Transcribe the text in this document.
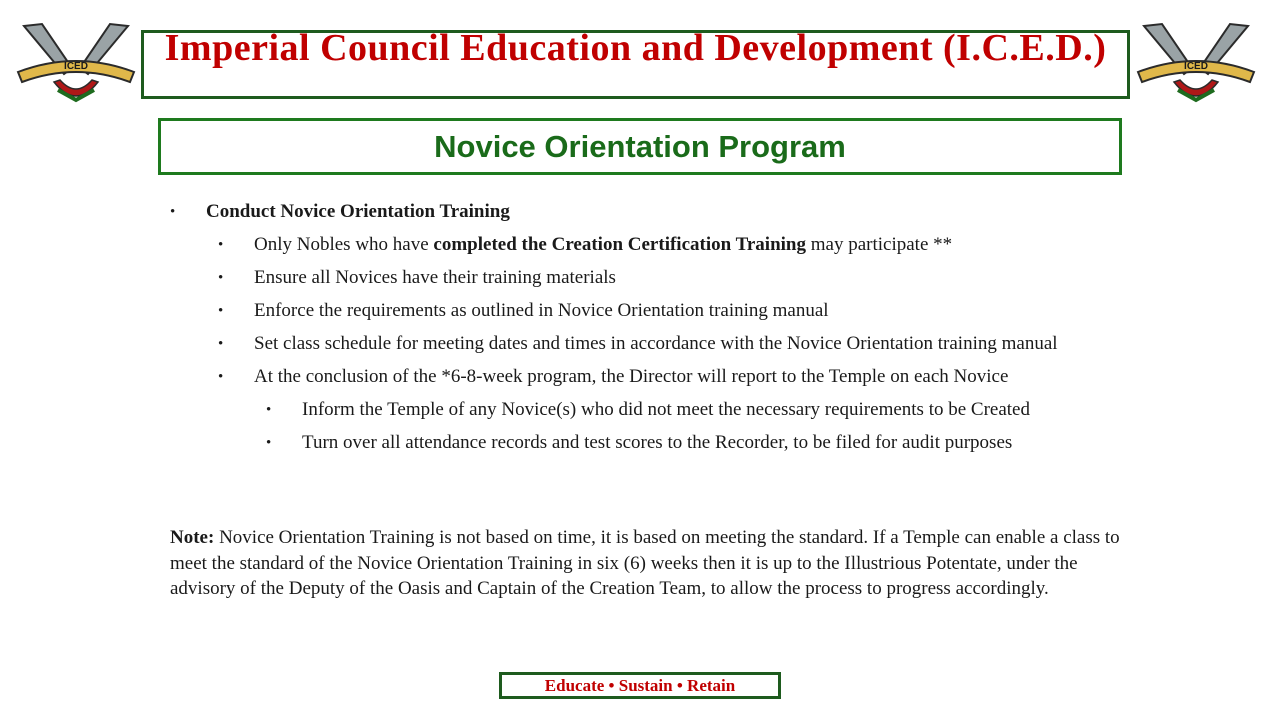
ICED	ICED
Imperial Council Education and Development (I.C.E.D.)
Novice Orientation Program
• Conduct Novice Orientation Training
• Only Nobles who have completed the Creation Certification Training may participate **
• Ensure all Novices have their training materials
• Enforce the requirements as outlined in Novice Orientation training manual
• Set class schedule for meeting dates and times in accordance with the Novice Orientation training manual
• At the conclusion of the *6-8-week program, the Director will report to the Temple on each Novice
• Inform the Temple of any Novice(s) who did not meet the necessary requirements to be Created
• Turn over all attendance records and test scores to the Recorder, to be filed for audit purposes
Note: Novice Orientation Training is not based on time, it is based on meeting the standard. If a Temple can enable a class to meet the standard of the Novice Orientation Training in six (6) weeks then it is up to the Illustrious Potentate, under the advisory of the Deputy of the Oasis and Captain of the Creation Team, to allow the process to progress accordingly.
Educate • Sustain • Retain
